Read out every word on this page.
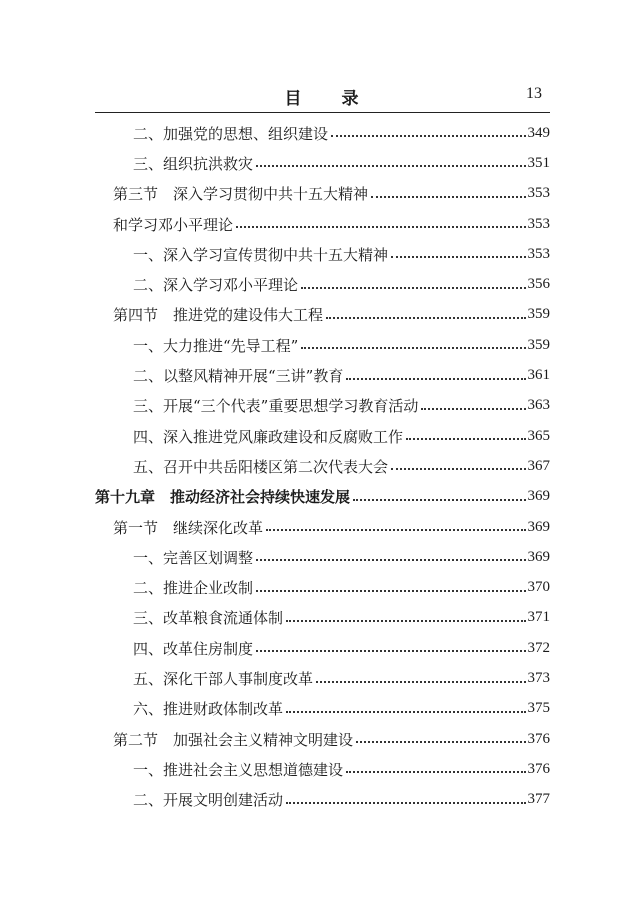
目　　录	13
二、加强党的思想、组织建设	349
三、组织抗洪救灾	351
第三节　深入学习贯彻中共十五大精神	353
和学习邓小平理论	353
一、深入学习宣传贯彻中共十五大精神	353
二、深入学习邓小平理论	356
第四节　推进党的建设伟大工程	359
一、大力推进“先导工程”	359
二、以整风精神开展“三讲”教育	361
三、开展“三个代表”重要思想学习教育活动	363
四、深入推进党风廉政建设和反腐败工作	365
五、召开中共岳阳楼区第二次代表大会	367
第十九章　推动经济社会持续快速发展	369
第一节　继续深化改革	369
一、完善区划调整	369
二、推进企业改制	370
三、改革粮食流通体制	371
四、改革住房制度	372
五、深化干部人事制度改革	373
六、推进财政体制改革	375
第二节　加强社会主义精神文明建设	376
一、推进社会主义思想道德建设	376
二、开展文明创建活动	377
